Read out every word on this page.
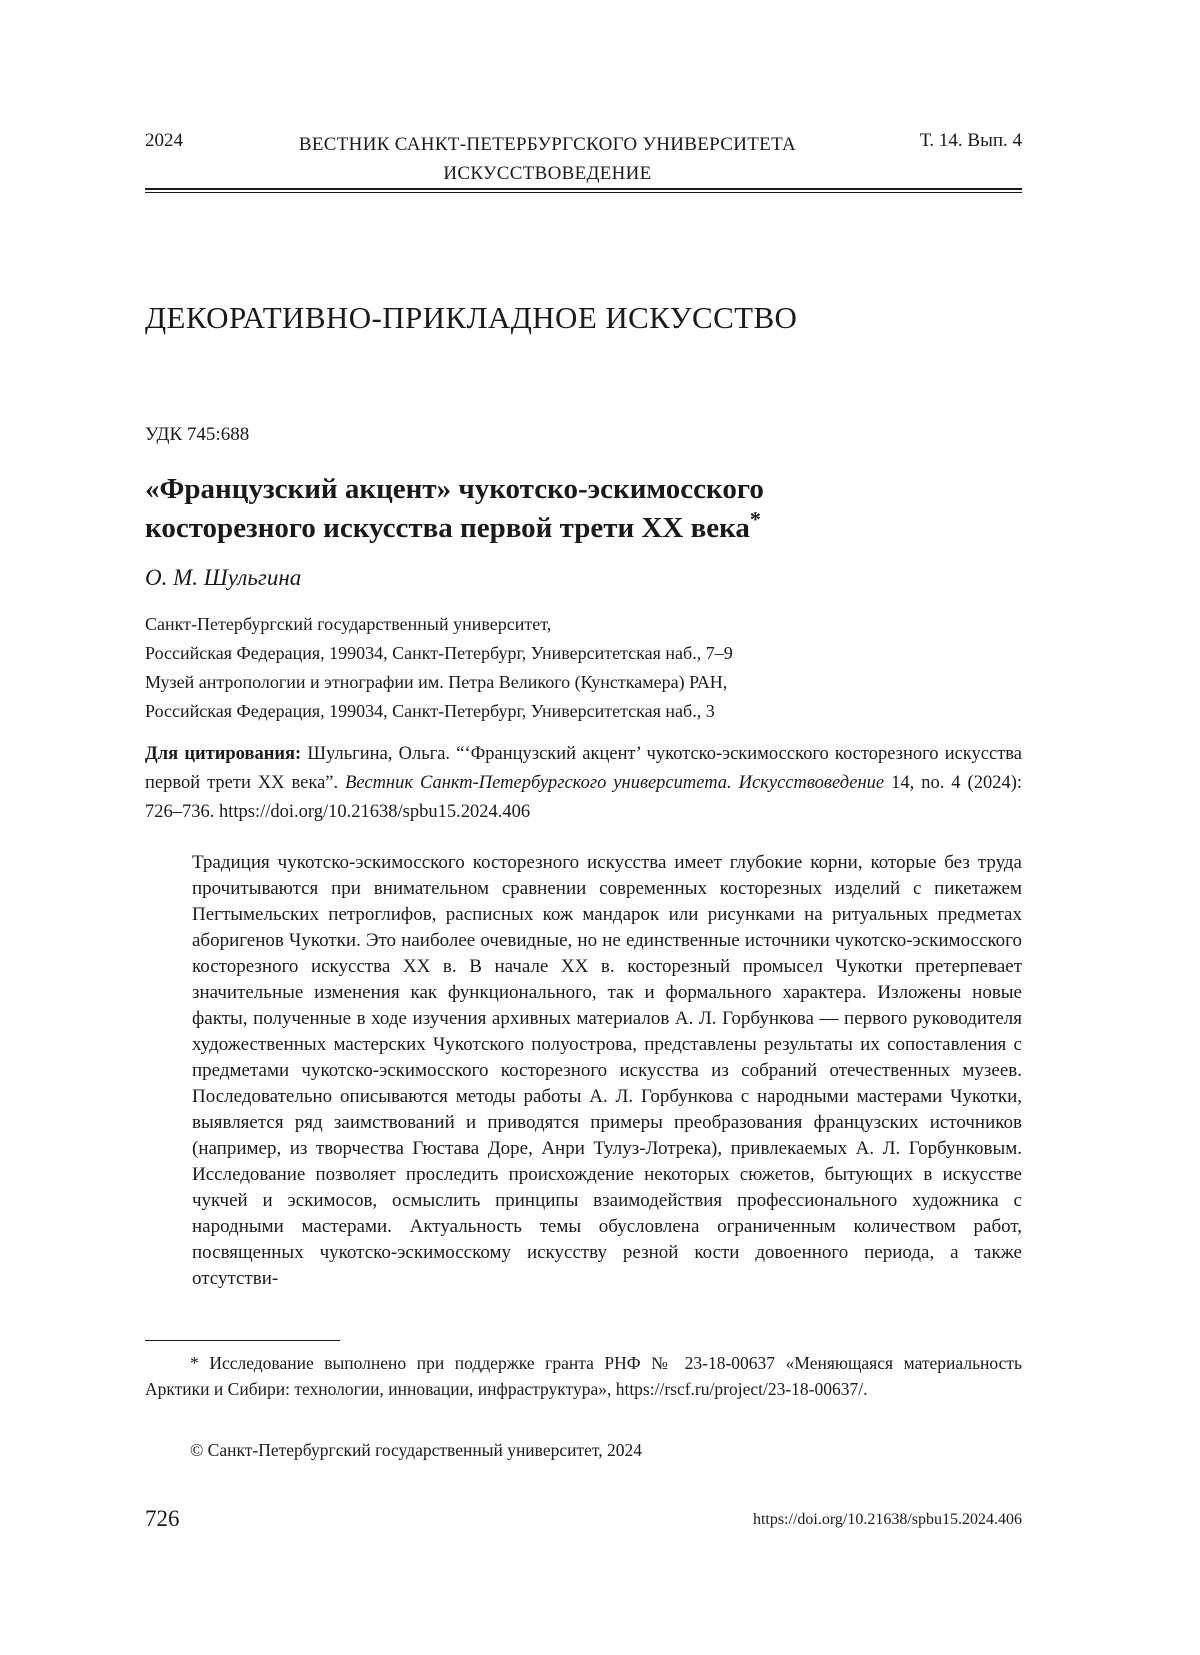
2024	ВЕСТНИК САНКТ-ПЕТЕРБУРГСКОГО УНИВЕРСИТЕТА
ИСКУССТВОВЕДЕНИЕ
Т. 14. Вып. 4
ДЕКОРАТИВНО-ПРИКЛАДНОЕ ИСКУССТВО
УДК 745:688
«Французский акцент» чукотско-эскимосского
косторезного искусства первой трети XX века*
О. М. Шульгина
Санкт-Петербургский государственный университет,
Российская Федерация, 199034, Санкт-Петербург, Университетская наб., 7–9
Музей антропологии и этнографии им. Петра Великого (Кунсткамера) РАН,
Российская Федерация, 199034, Санкт-Петербург, Университетская наб., 3

Для цитирования: Шульгина, Ольга. “‘Французский акцент’ чукотско-эскимосского косторезного искусства первой трети XX века”. Вестник Санкт-Петербургского университета. Искусствоведение 14, no. 4 (2024): 726–736. https://doi.org/10.21638/spbu15.2024.406

Традиция чукотско-эскимосского косторезного искусства имеет глубокие корни, которые без труда прочитываются при внимательном сравнении современных косторезных изделий с пикетажем Пегтымельских петроглифов, расписных кож мандарок или рисунками на ритуальных предметах аборигенов Чукотки. Это наиболее очевидные, но не единственные источники чукотско-эскимосского косторезного искусства XX в. В начале XX в. косторезный промысел Чукотки претерпевает значительные изменения как функционального, так и формального характера. Изложены новые факты, полученные в ходе изучения архивных материалов А. Л. Горбункова — первого руководителя художественных мастерских Чукотского полуострова, представлены результаты их сопоставления с предметами чукотско-эскимосского косторезного искусства из собраний отечественных музеев. Последовательно описываются методы работы А. Л. Горбункова с народными мастерами Чукотки, выявляется ряд заимствований и приводятся примеры преобразования французских источников (например, из творчества Гюстава Доре, Анри Тулуз-Лотрека), привлекаемых А. Л. Горбунковым. Исследование позволяет проследить происхождение некоторых сюжетов, бытующих в искусстве чукчей и эскимосов, осмыслить принципы взаимодействия профессионального художника с народными мастерами. Актуальность темы обусловлена ограниченным количеством работ, посвященных чукотско-эскимосскому искусству резной кости довоенного периода, а также отсутстви-

* Исследование выполнено при поддержке гранта РНФ № 23-18-00637 «Меняющаяся материальность Арктики и Сибири: технологии, инновации, инфраструктура», https://rscf.ru/project/23-18-00637/.
© Санкт-Петербургский государственный университет, 2024
726	https://doi.org/10.21638/spbu15.2024.406
